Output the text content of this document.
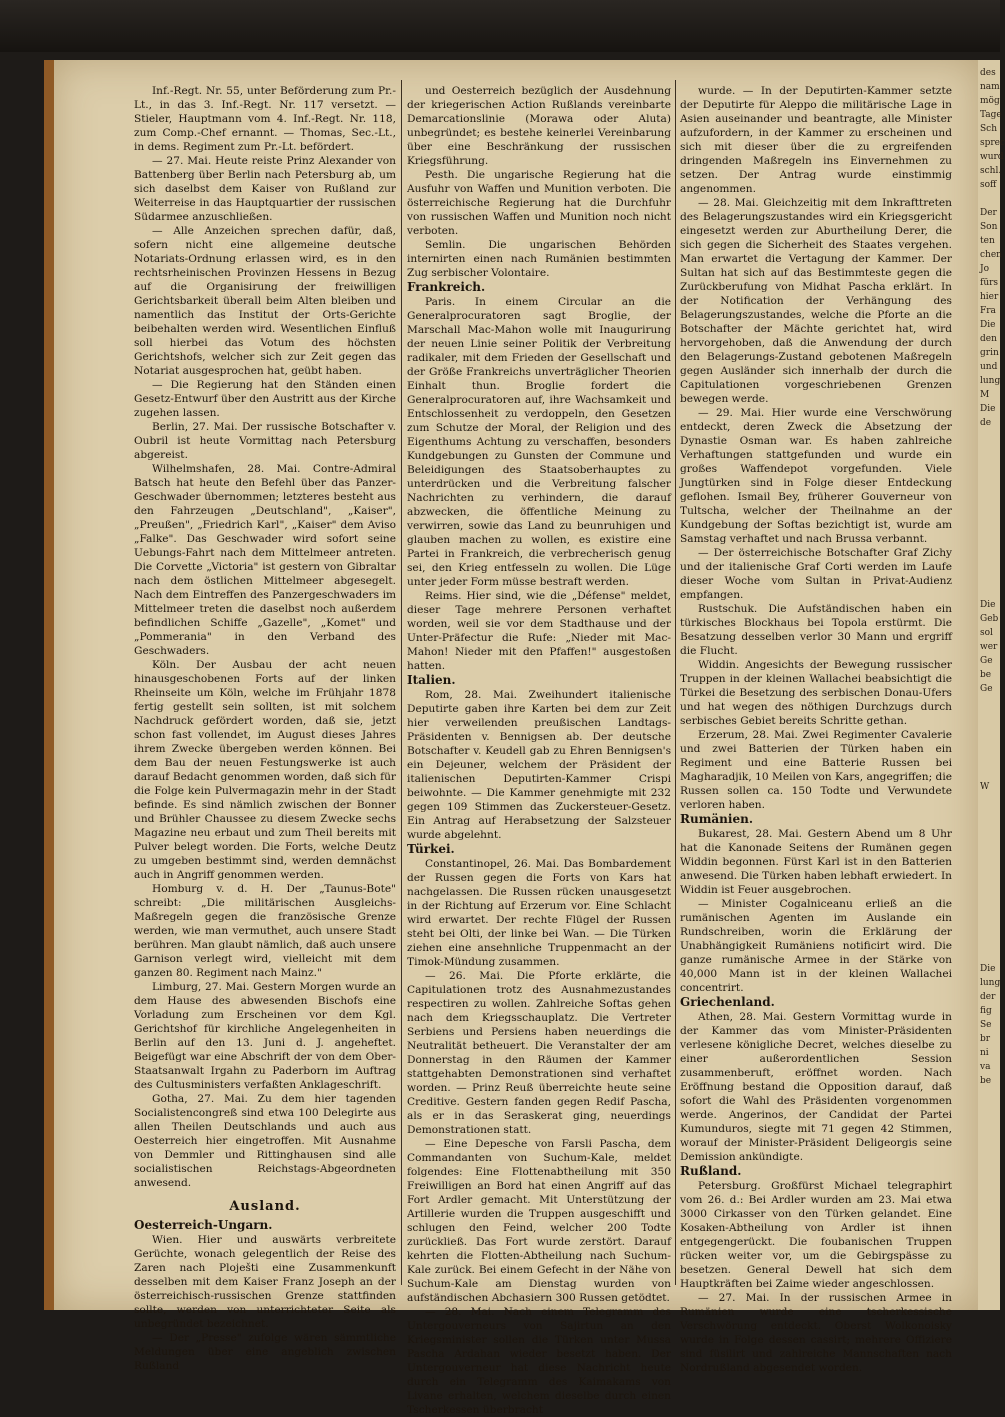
des
nam
mög
Tage
Sch
sprec
wurd
schl.
soff

Der
Son
ten
chen
Jo
fürs
hier
Fra
Die
den
grin
und
lung
M
Die
de

Die
Geb
sol
wer
Ge
be
Ge

W

Die
lung
der
fig
Se
br
ni
va
be

Inf.-Regt. Nr. 55, unter Beförderung zum Pr.-Lt., in das 3. Inf.-Regt. Nr. 117 versetzt. — Stieler, Hauptmann vom 4. Inf.-Regt. Nr. 118, zum Comp.-Chef ernannt. — Thomas, Sec.-Lt., in dems. Regiment zum Pr.-Lt. befördert.

— 27. Mai. Heute reiste Prinz Alexander von Battenberg über Berlin nach Petersburg ab, um sich daselbst dem Kaiser von Rußland zur Weiterreise in das Hauptquartier der russischen Südarmee anzuschließen.

— Alle Anzeichen sprechen dafür, daß, sofern nicht eine allgemeine deutsche Notariats-Ordnung erlassen wird, es in den rechtsrheinischen Provinzen Hessens in Bezug auf die Organisirung der freiwilligen Gerichtsbarkeit überall beim Alten bleiben und namentlich das Institut der Orts-Gerichte beibehalten werden wird. Wesentlichen Einfluß soll hierbei das Votum des höchsten Gerichtshofs, welcher sich zur Zeit gegen das Notariat ausgesprochen hat, geübt haben.

— Die Regierung hat den Ständen einen Gesetz-Entwurf über den Austritt aus der Kirche zugehen lassen.

Berlin, 27. Mai. Der russische Botschafter v. Oubril ist heute Vormittag nach Petersburg abgereist.

Wilhelmshafen, 28. Mai. Contre-Admiral Batsch hat heute den Befehl über das Panzer-Geschwader übernommen; letzteres besteht aus den Fahrzeugen „Deutschland", „Kaiser", „Preußen", „Friedrich Karl", „Kaiser" dem Aviso „Falke". Das Geschwader wird sofort seine Uebungs-Fahrt nach dem Mittelmeer antreten. Die Corvette „Victoria" ist gestern von Gibraltar nach dem östlichen Mittelmeer abgesegelt. Nach dem Eintreffen des Panzergeschwaders im Mittelmeer treten die daselbst noch außerdem befindlichen Schiffe „Gazelle", „Komet" und „Pommerania" in den Verband des Geschwaders.

Köln. Der Ausbau der acht neuen hinausgeschobenen Forts auf der linken Rheinseite um Köln, welche im Frühjahr 1878 fertig gestellt sein sollten, ist mit solchem Nachdruck gefördert worden, daß sie, jetzt schon fast vollendet, im August dieses Jahres ihrem Zwecke übergeben werden können. Bei dem Bau der neuen Festungswerke ist auch darauf Bedacht genommen worden, daß sich für die Folge kein Pulvermagazin mehr in der Stadt befinde. Es sind nämlich zwischen der Bonner und Brühler Chaussee zu diesem Zwecke sechs Magazine neu erbaut und zum Theil bereits mit Pulver belegt worden. Die Forts, welche Deutz zu umgeben bestimmt sind, werden demnächst auch in Angriff genommen werden.

Homburg v. d. H. Der „Taunus-Bote" schreibt: „Die militärischen Ausgleichs-Maßregeln gegen die französische Grenze werden, wie man vermuthet, auch unsere Stadt berühren. Man glaubt nämlich, daß auch unsere Garnison verlegt wird, vielleicht mit dem ganzen 80. Regiment nach Mainz."

Limburg, 27. Mai. Gestern Morgen wurde an dem Hause des abwesenden Bischofs eine Vorladung zum Erscheinen vor dem Kgl. Gerichtshof für kirchliche Angelegenheiten in Berlin auf den 13. Juni d. J. angeheftet. Beigefügt war eine Abschrift der von dem Ober-Staatsanwalt Irgahn zu Paderborn im Auftrag des Cultusministers verfaßten Anklageschrift.

Gotha, 27. Mai. Zu dem hier tagenden Socialistencongreß sind etwa 100 Delegirte aus allen Theilen Deutschlands und auch aus Oesterreich hier eingetroffen. Mit Ausnahme von Demmler und Rittinghausen sind alle socialistischen Reichstags-Abgeordneten anwesend.

Ausland.
Oesterreich-Ungarn.

Wien. Hier und auswärts verbreitete Gerüchte, wonach gelegentlich der Reise des Zaren nach Ploješti eine Zusammenkunft desselben mit dem Kaiser Franz Joseph an der österreichisch-russischen Grenze stattfinden sollte, werden von unterrichteter Seite als unbegründet bezeichnet.

— Der „Presse" zufolge wären sämmtliche Meldungen über eine angeblich zwischen Rußland

und Oesterreich bezüglich der Ausdehnung der kriegerischen Action Rußlands vereinbarte Demarcationslinie (Morawa oder Aluta) unbegründet; es bestehe keinerlei Vereinbarung über eine Beschränkung der russischen Kriegsführung.

Pesth. Die ungarische Regierung hat die Ausfuhr von Waffen und Munition verboten. Die österreichische Regierung hat die Durchfuhr von russischen Waffen und Munition noch nicht verboten.

Semlin. Die ungarischen Behörden internirten einen nach Rumänien bestimmten Zug serbischer Volontaire.

Frankreich.

Paris. In einem Circular an die Generalprocuratoren sagt Broglie, der Marschall Mac-Mahon wolle mit Inaugurirung der neuen Linie seiner Politik der Verbreitung radikaler, mit dem Frieden der Gesellschaft und der Größe Frankreichs unverträglicher Theorien Einhalt thun. Broglie fordert die Generalprocuratoren auf, ihre Wachsamkeit und Entschlossenheit zu verdoppeln, den Gesetzen zum Schutze der Moral, der Religion und des Eigenthums Achtung zu verschaffen, besonders Kundgebungen zu Gunsten der Commune und Beleidigungen des Staatsoberhauptes zu unterdrücken und die Verbreitung falscher Nachrichten zu verhindern, die darauf abzwecken, die öffentliche Meinung zu verwirren, sowie das Land zu beunruhigen und glauben machen zu wollen, es existire eine Partei in Frankreich, die verbrecherisch genug sei, den Krieg entfesseln zu wollen. Die Lüge unter jeder Form müsse bestraft werden.

Reims. Hier sind, wie die „Défense" meldet, dieser Tage mehrere Personen verhaftet worden, weil sie vor dem Stadthause und der Unter-Präfectur die Rufe: „Nieder mit Mac-Mahon! Nieder mit den Pfaffen!" ausgestoßen hatten.

Italien.

Rom, 28. Mai. Zweihundert italienische Deputirte gaben ihre Karten bei dem zur Zeit hier verweilenden preußischen Landtags-Präsidenten v. Bennigsen ab. Der deutsche Botschafter v. Keudell gab zu Ehren Bennigsen's ein Dejeuner, welchem der Präsident der italienischen Deputirten-Kammer Crispi beiwohnte. — Die Kammer genehmigte mit 232 gegen 109 Stimmen das Zuckersteuer-Gesetz. Ein Antrag auf Herabsetzung der Salzsteuer wurde abgelehnt.

Türkei.

Constantinopel, 26. Mai. Das Bombardement der Russen gegen die Forts von Kars hat nachgelassen. Die Russen rücken unausgesetzt in der Richtung auf Erzerum vor. Eine Schlacht wird erwartet. Der rechte Flügel der Russen steht bei Olti, der linke bei Wan. — Die Türken ziehen eine ansehnliche Truppenmacht an der Timok-Mündung zusammen.

— 26. Mai. Die Pforte erklärte, die Capitulationen trotz des Ausnahmezustandes respectiren zu wollen. Zahlreiche Softas gehen nach dem Kriegsschauplatz. Die Vertreter Serbiens und Persiens haben neuerdings die Neutralität betheuert. Die Veranstalter der am Donnerstag in den Räumen der Kammer stattgehabten Demonstrationen sind verhaftet worden. — Prinz Reuß überreichte heute seine Creditive. Gestern fanden gegen Redif Pascha, als er in das Seraskerat ging, neuerdings Demonstrationen statt.

— Eine Depesche von Farsli Pascha, dem Commandanten von Suchum-Kale, meldet folgendes: Eine Flottenabtheilung mit 350 Freiwilligen an Bord hat einen Angriff auf das Fort Ardler gemacht. Mit Unterstützung der Artillerie wurden die Truppen ausgeschifft und schlugen den Feind, welcher 200 Todte zurückließ. Das Fort wurde zerstört. Darauf kehrten die Flotten-Abtheilung nach Suchum-Kale zurück. Bei einem Gefecht in der Nähe von Suchum-Kale am Dienstag wurden von aufständischen Abchasiern 300 Russen getödtet.

— 28. Mai. Nach einem Telegramm des Untergouverneurs von Sajirtun an den Kriegsminister sollen die Türken unter Mussa Pascha Ardahan wieder besetzt haben. Der Untergouverneur hat diese Nachricht heute durch ein Telegramm des Kaimakams von Livane erhalten, welchem dieselbe durch einen Tscherkessen überbracht

wurde. — In der Deputirten-Kammer setzte der Deputirte für Aleppo die militärische Lage in Asien auseinander und beantragte, alle Minister aufzufordern, in der Kammer zu erscheinen und sich mit dieser über die zu ergreifenden dringenden Maßregeln ins Einvernehmen zu setzen. Der Antrag wurde einstimmig angenommen.

— 28. Mai. Gleichzeitig mit dem Inkrafttreten des Belagerungszustandes wird ein Kriegsgericht eingesetzt werden zur Aburtheilung Derer, die sich gegen die Sicherheit des Staates vergehen. Man erwartet die Vertagung der Kammer. Der Sultan hat sich auf das Bestimmteste gegen die Zurückberufung von Midhat Pascha erklärt. In der Notification der Verhängung des Belagerungszustandes, welche die Pforte an die Botschafter der Mächte gerichtet hat, wird hervorgehoben, daß die Anwendung der durch den Belagerungs-Zustand gebotenen Maßregeln gegen Ausländer sich innerhalb der durch die Capitulationen vorgeschriebenen Grenzen bewegen werde.

— 29. Mai. Hier wurde eine Verschwörung entdeckt, deren Zweck die Absetzung der Dynastie Osman war. Es haben zahlreiche Verhaftungen stattgefunden und wurde ein großes Waffendepot vorgefunden. Viele Jungtürken sind in Folge dieser Entdeckung geflohen. Ismail Bey, früherer Gouverneur von Tultscha, welcher der Theilnahme an der Kundgebung der Softas bezichtigt ist, wurde am Samstag verhaftet und nach Brussa verbannt.

— Der österreichische Botschafter Graf Zichy und der italienische Graf Corti werden im Laufe dieser Woche vom Sultan in Privat-Audienz empfangen.

Rustschuk. Die Aufständischen haben ein türkisches Blockhaus bei Topola erstürmt. Die Besatzung desselben verlor 30 Mann und ergriff die Flucht.

Widdin. Angesichts der Bewegung russischer Truppen in der kleinen Wallachei beabsichtigt die Türkei die Besetzung des serbischen Donau-Ufers und hat wegen des nöthigen Durchzugs durch serbisches Gebiet bereits Schritte gethan.

Erzerum, 28. Mai. Zwei Regimenter Cavalerie und zwei Batterien der Türken haben ein Regiment und eine Batterie Russen bei Magharadjik, 10 Meilen von Kars, angegriffen; die Russen sollen ca. 150 Todte und Verwundete verloren haben.

Rumänien.

Bukarest, 28. Mai. Gestern Abend um 8 Uhr hat die Kanonade Seitens der Rumänen gegen Widdin begonnen. Fürst Karl ist in den Batterien anwesend. Die Türken haben lebhaft erwiedert. In Widdin ist Feuer ausgebrochen.

— Minister Cogalniceanu erließ an die rumänischen Agenten im Auslande ein Rundschreiben, worin die Erklärung der Unabhängigkeit Rumäniens notificirt wird. Die ganze rumänische Armee in der Stärke von 40,000 Mann ist in der kleinen Wallachei concentrirt.

Griechenland.

Athen, 28. Mai. Gestern Vormittag wurde in der Kammer das vom Minister-Präsidenten verlesene königliche Decret, welches dieselbe zu einer außerordentlichen Session zusammenberuft, eröffnet worden. Nach Eröffnung bestand die Opposition darauf, daß sofort die Wahl des Präsidenten vorgenommen werde. Angerinos, der Candidat der Partei Kumunduros, siegte mit 71 gegen 42 Stimmen, worauf der Minister-Präsident Deligeorgis seine Demission ankündigte.

Rußland.

Petersburg. Großfürst Michael telegraphirt vom 26. d.: Bei Ardler wurden am 23. Mai etwa 3000 Cirkasser von den Türken gelandet. Eine Kosaken-Abtheilung von Ardler ist ihnen entgegengerückt. Die foubanischen Truppen rücken weiter vor, um die Gebirgspässe zu besetzen. General Dewell hat sich dem Hauptkräften bei Zaime wieder angeschlossen.

— 27. Mai. In der russischen Armee in Rumänien wurde eine tscherkessische Verschwörung entdeckt. Oberst Wolkonoisky wurde in Folge dessen cassirt; mehrere Offiziere sind füsilirt und zahlreiche Mannschaften nach Nordrußland abgesendet worden.
